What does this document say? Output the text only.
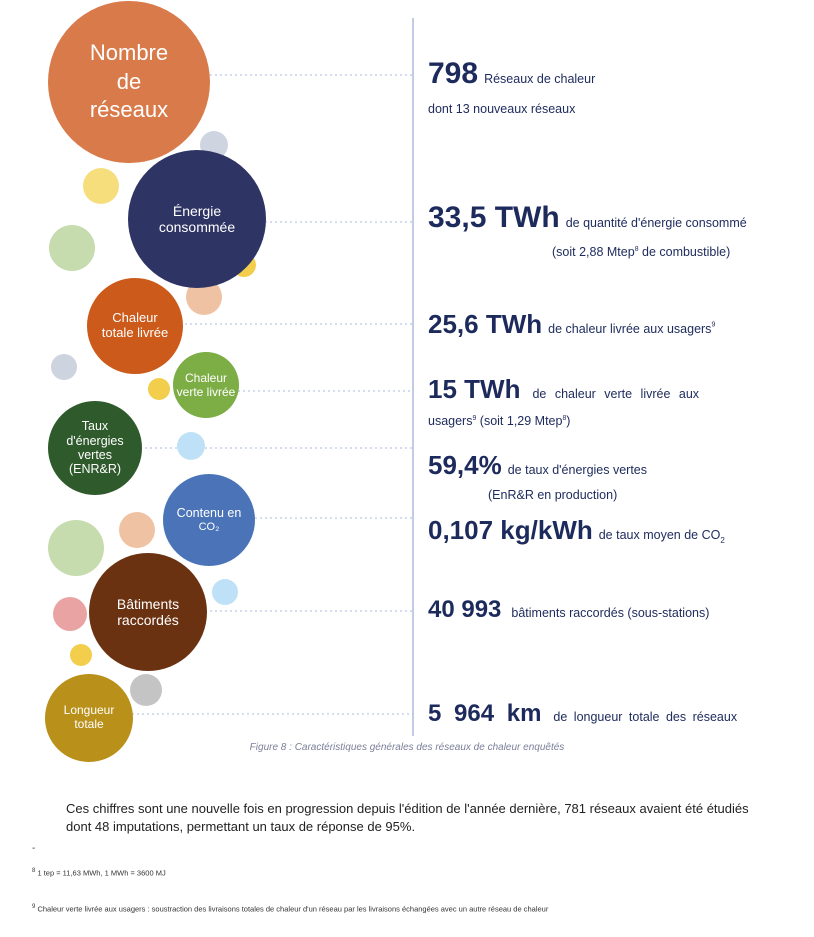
Nombre
de
réseaux
Énergie
consommée
Chaleur
totale livrée
Chaleur
verte livrée
Taux
d'énergies
vertes
(ENR&R)
Contenu en
CO₂
Bâtiments
raccordés
Longueur
totale
798 Réseaux de chaleur
dont 13 nouveaux réseaux
33,5 TWh de quantité d'énergie consommé
(soit 2,88 Mtep$^8$ de combustible)
25,6 TWh de chaleur livrée aux usagers$^9$
15 TWh de chaleur verte livrée aux
usagers$^9$ (soit 1,29 Mtep$^8$)
59,4% de taux d'énergies vertes
(EnR&R en production)
0,107 kg/kWh de taux moyen de $CO_2$
40 993 bâtiments raccordés (sous-stations)
5 964 km de longueur totale des réseaux
Figure 8 : Caractéristiques générales des réseaux de chaleur enquêtés
Ces chiffres sont une nouvelle fois en progression depuis l'édition de l'année dernière, 781 réseaux avaient été étudiés dont 48 imputations, permettant un taux de réponse de 95%.
-
$^8$ 1 tep = 11,63 MWh, 1 MWh = 3600 MJ
$^9$ Chaleur verte livrée aux usagers : soustraction des livraisons totales de chaleur d'un réseau par les livraisons échangées avec un autre réseau de chaleur
